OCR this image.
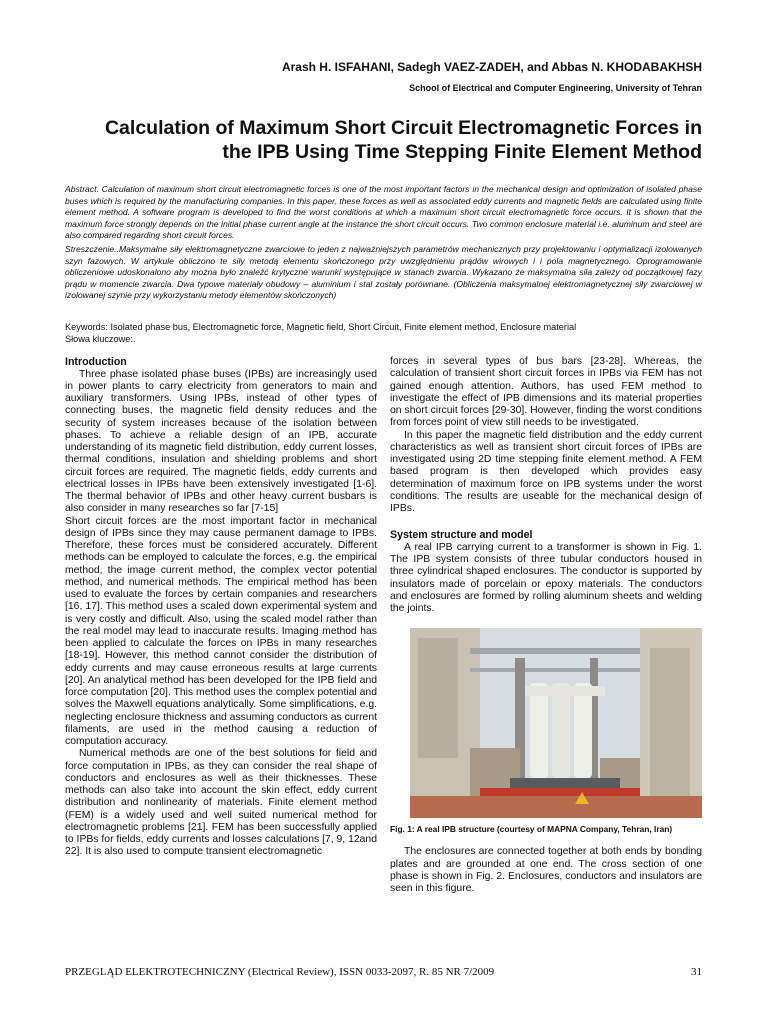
Arash H. ISFAHANI, Sadegh VAEZ-ZADEH, and Abbas N. KHODABAKHSH
School of Electrical and Computer Engineering, University of Tehran
Calculation of Maximum Short Circuit Electromagnetic Forces in
the IPB Using Time Stepping Finite Element Method

Abstract. Calculation of maximum short circuit electromagnetic forces is one of the most important factors in the mechanical design and optimization of isolated phase buses which is required by the manufacturing companies. In this paper, these forces as well as associated eddy currents and magnetic fields are calculated using finite element method. A software program is developed to find the worst conditions at which a maximum short circuit electromagnetic force occurs. It is shown that the maximum force strongly depends on the initial phase current angle at the instance the short circuit occurs. Two common enclosure material i.e. aluminum and steel are also compared regarding short circuit forces.

Streszczenie..Maksymalne siły elektromagnetyczne zwarciowe to jeden z najważniejszych parametrów mechanicznych przy projektowaniu i optymalizacji izolowanych szyn fazowych. W artykule obliczono te siły metodą elementu skończonego przy uwzględnieniu prądów wirowych i i pola magnetycznego. Oprogramowanie obliczeniowe udoskonalono aby można było znaleźć krytyczne warunki występujące w stanach zwarcia. Wykazano że maksymalna siła zależy od początkowej fazy prądu w momencie zwarcia. Dwa typowe materiały obudowy – aluminium i stal zostały porównane. (Obliczenia maksymalnej elektromagnetycznej siły zwarciowej w izolowanej szynie przy wykorzystaniu metody elementów skończonych)

Keywords: Isolated phase bus, Electromagnetic force, Magnetic field, Short Circuit, Finite element method, Enclosure material
Słowa kluczowe:.
Introduction

Three phase isolated phase buses (IPBs) are increasingly used in power plants to carry electricity from generators to main and auxiliary transformers. Using IPBs, instead of other types of connecting buses, the magnetic field density reduces and the security of system increases because of the isolation between phases. To achieve a reliable design of an IPB, accurate understanding of its magnetic field distribution, eddy current losses, thermal conditions, insulation and shielding problems and short circuit forces are required. The magnetic fields, eddy currents and electrical losses in IPBs have been extensively investigated [1-6]. The thermal behavior of IPBs and other heavy current busbars is also consider in many researches so far [7-15]

Short circuit forces are the most important factor in mechanical design of IPBs since they may cause permanent damage to IPBs. Therefore, these forces must be considered accurately. Different methods can be employed to calculate the forces, e.g. the empirical method, the image current method, the complex vector potential method, and numerical methods. The empirical method has been used to evaluate the forces by certain companies and researchers [16, 17]. This method uses a scaled down experimental system and is very costly and difficult. Also, using the scaled model rather than the real model may lead to inaccurate results. Imaging method has been applied to calculate the forces on IPBs in many researches [18-19]. However, this method cannot consider the distribution of eddy currents and may cause erroneous results at large currents [20]. An analytical method has been developed for the IPB field and force computation [20]. This method uses the complex potential and solves the Maxwell equations analytically. Some simplifications, e.g. neglecting enclosure thickness and assuming conductors as current filaments, are used in the method causing a reduction of computation accuracy.

Numerical methods are one of the best solutions for field and force computation in IPBs, as they can consider the real shape of conductors and enclosures as well as their thicknesses. These methods can also take into account the skin effect, eddy current distribution and nonlinearity of materials. Finite element method (FEM) is a widely used and well suited numerical method for electromagnetic problems [21]. FEM has been successfully applied to IPBs for fields, eddy currents and losses calculations [7, 9, 12and 22]. It is also used to compute transient electromagnetic

forces in several types of bus bars [23-28]. Whereas, the calculation of transient short circuit forces in IPBs via FEM has not gained enough attention. Authors, has used FEM method to investigate the effect of IPB dimensions and its material properties on short circuit forces [29-30]. However, finding the worst conditions from forces point of view still needs to be investigated.

In this paper the magnetic field distribution and the eddy current characteristics as well as transient short circuit forces of IPBs are investigated using 2D time stepping finite element method. A FEM based program is then developed which provides easy determination of maximum force on IPB systems under the worst conditions. The results are useable for the mechanical design of IPBs.

System structure and model

A real IPB carrying current to a transformer is shown in Fig. 1. The IPB system consists of three tubular conductors housed in three cylindrical shaped enclosures. The conductor is supported by insulators made of porcelain or epoxy materials. The conductors and enclosures are formed by rolling aluminum sheets and welding the joints.

Fig. 1: A real IPB structure (courtesy of MAPNA Company, Tehran, Iran)

The enclosures are connected together at both ends by bonding plates and are grounded at one end. The cross section of one phase is shown in Fig. 2. Enclosures, conductors and insulators are seen in this figure.

PRZEGLĄD ELEKTROTECHNICZNY (Electrical Review), ISSN 0033-2097, R. 85 NR 7/2009	31
